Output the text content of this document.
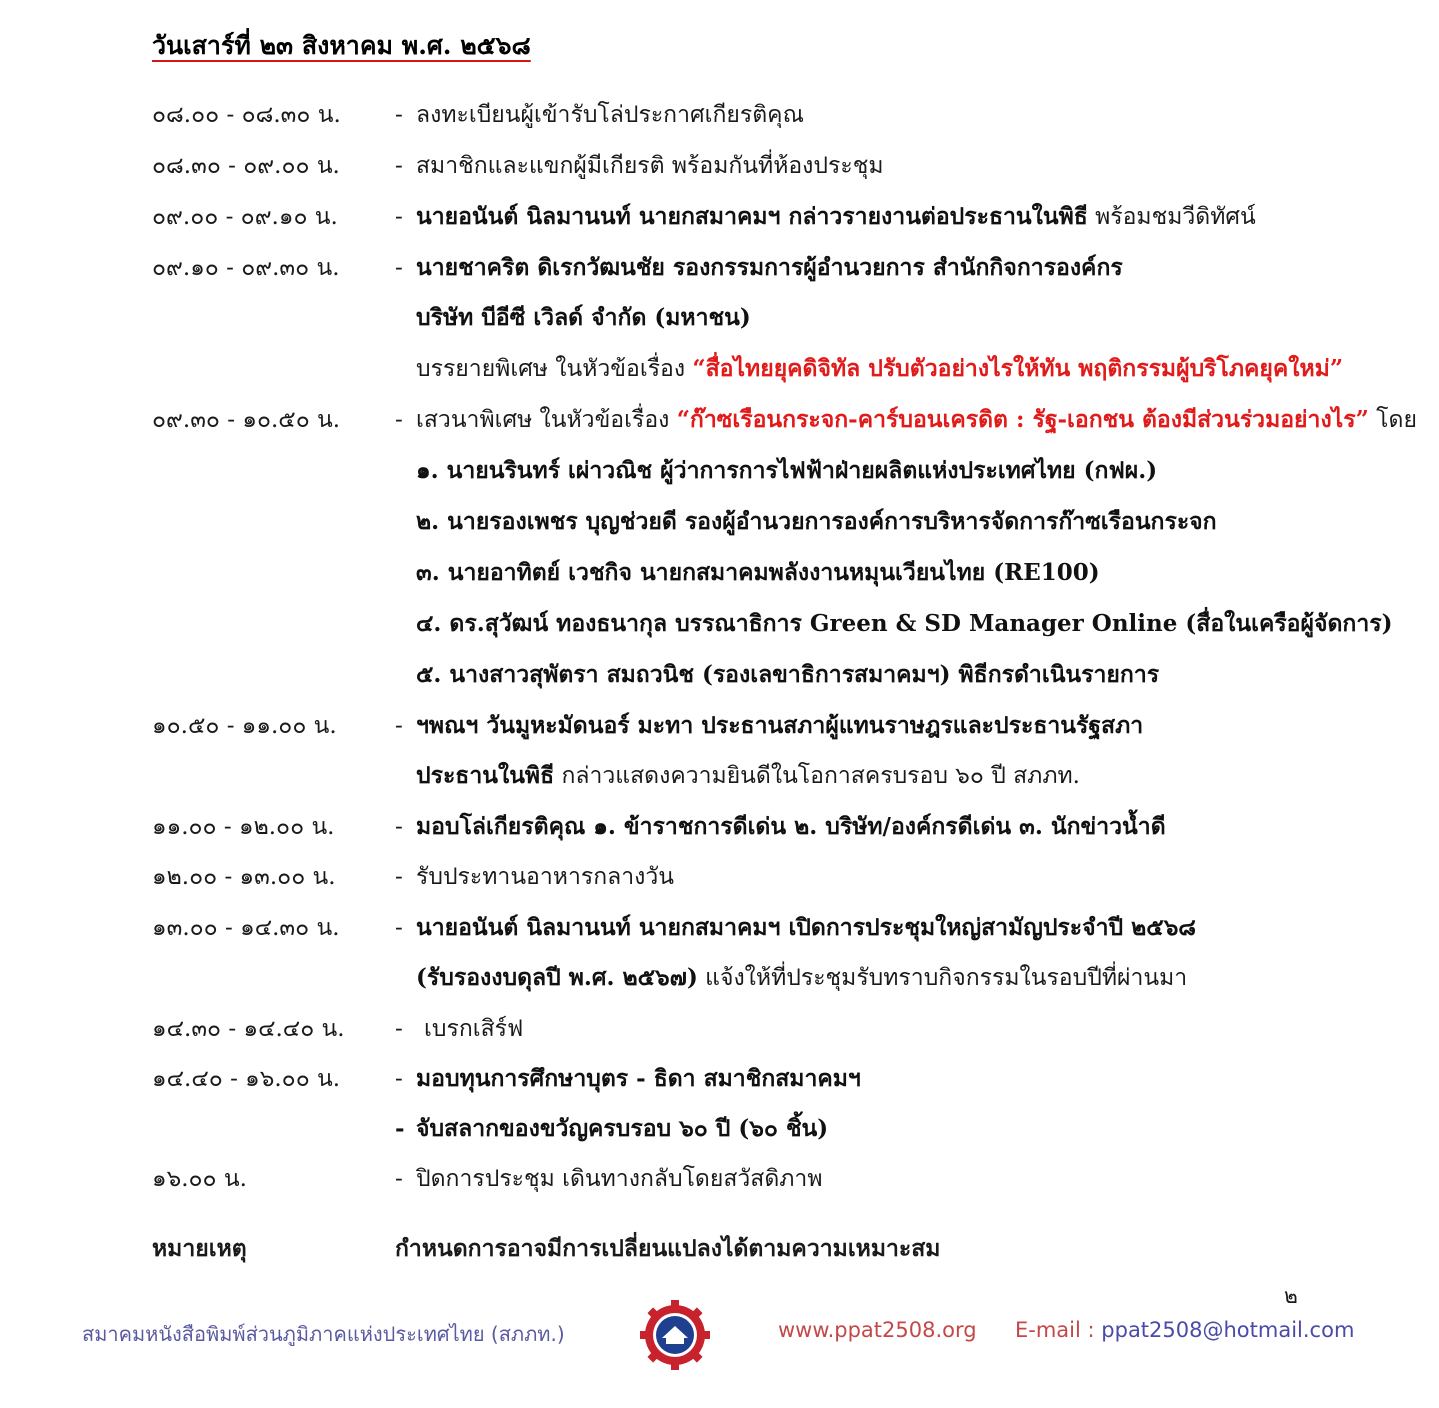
วันเสาร์ที่ ๒๓ สิงหาคม พ.ศ. ๒๕๖๘
๐๘.๐๐ - ๐๘.๓๐ น. - ลงทะเบียนผู้เข้ารับโล่ประกาศเกียรติคุณ
๐๘.๓๐ - ๐๙.๐๐ น. - สมาชิกและแขกผู้มีเกียรติ พร้อมกันที่ห้องประชุม
๐๙.๐๐ - ๐๙.๑๐ น. - นายอนันต์ นิลมานนท์ นายกสมาคมฯ กล่าวรายงานต่อประธานในพิธี พร้อมชมวีดิทัศน์
๐๙.๑๐ - ๐๙.๓๐ น. - นายชาคริต ดิเรกวัฒนชัย รองกรรมการผู้อำนวยการ สำนักกิจการองค์กร
บริษัท บีอีซี เวิลด์ จำกัด (มหาชน)
บรรยายพิเศษ ในหัวข้อเรื่อง “สื่อไทยยุคดิจิทัล ปรับตัวอย่างไรให้ทัน พฤติกรรมผู้บริโภคยุคใหม่”
๐๙.๓๐ - ๑๐.๕๐ น. - เสวนาพิเศษ ในหัวข้อเรื่อง “ก๊าซเรือนกระจก-คาร์บอนเครดิต : รัฐ-เอกชน ต้องมีส่วนร่วมอย่างไร” โดย
๑. นายนรินทร์ เผ่าวณิช ผู้ว่าการการไฟฟ้าฝ่ายผลิตแห่งประเทศไทย (กฟผ.)
๒. นายรองเพชร บุญช่วยดี รองผู้อำนวยการองค์การบริหารจัดการก๊าซเรือนกระจก
๓. นายอาทิตย์ เวชกิจ นายกสมาคมพลังงานหมุนเวียนไทย (RE100)
๔. ดร.สุวัฒน์ ทองธนากุล บรรณาธิการ Green & SD Manager Online (สื่อในเครือผู้จัดการ)
๕. นางสาวสุพัตรา สมถวนิช (รองเลขาธิการสมาคมฯ) พิธีกรดำเนินรายการ
๑๐.๕๐ - ๑๑.๐๐ น.	- ฯพณฯ วันมูหะมัดนอร์ มะทา ประธานสภาผู้แทนราษฎรและประธานรัฐสภา
ประธานในพิธี กล่าวแสดงความยินดีในโอกาสครบรอบ ๖๐ ปี สภภท.
๑๑.๐๐ - ๑๒.๐๐ น.	- มอบโล่เกียรติคุณ ๑. ข้าราชการดีเด่น ๒. บริษัท/องค์กรดีเด่น ๓. นักข่าวน้ำดี
๑๒.๐๐ - ๑๓.๐๐ น.	- รับประทานอาหารกลางวัน
๑๓.๐๐ - ๑๔.๓๐ น. - นายอนันต์ นิลมานนท์ นายกสมาคมฯ เปิดการประชุมใหญ่สามัญประจำปี ๒๕๖๘
(รับรองงบดุลปี พ.ศ. ๒๕๖๗) แจ้งให้ที่ประชุมรับทราบกิจกรรมในรอบปีที่ผ่านมา
๑๔.๓๐ - ๑๔.๔๐ น. - เบรกเสิร์ฟ
๑๔.๔๐ - ๑๖.๐๐ น. - มอบทุนการศึกษาบุตร - ธิดา สมาชิกสมาคมฯ
- จับสลากของขวัญครบรอบ ๖๐ ปี (๖๐ ชิ้น)
๑๖.๐๐ น.	- ปิดการประชุม เดินทางกลับโดยสวัสดิภาพ
หมายเหตุ	กำหนดการอาจมีการเปลี่ยนแปลงได้ตามความเหมาะสม
๒
สมาคมหนังสือพิมพ์ส่วนภูมิภาคแห่งประเทศไทย (สภภท.)	www.ppat2508.org E-mail : ppat2508@hotmail.com
